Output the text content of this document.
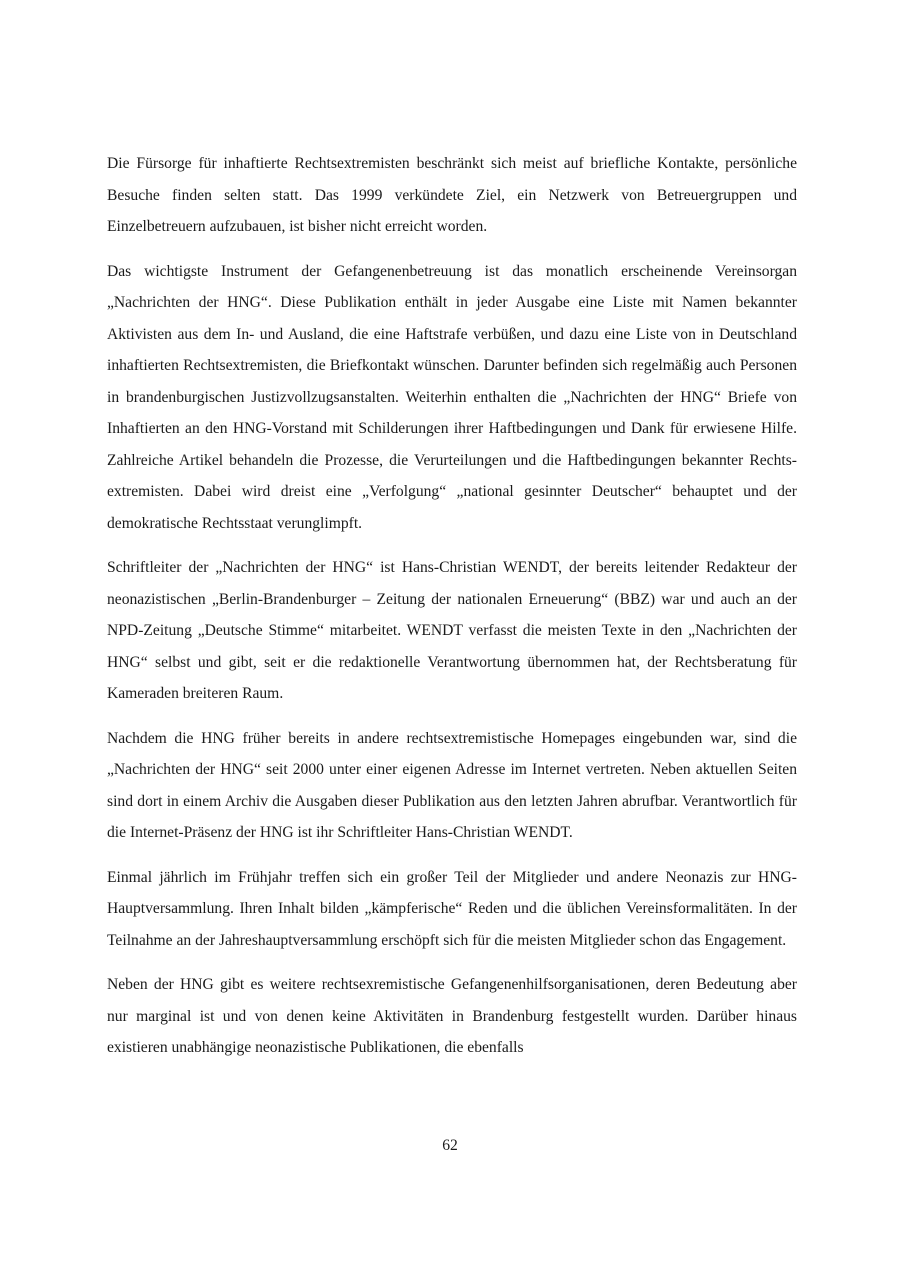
Die Fürsorge für inhaftierte Rechtsextremisten beschränkt sich meist auf briefliche Kontakte, persönliche Besuche finden selten statt. Das 1999 verkündete Ziel, ein Netzwerk von Betreuergruppen und Einzelbetreuern aufzubauen, ist bisher nicht erreicht worden.

Das wichtigste Instrument der Gefangenenbetreuung ist das monatlich erscheinende Vereinsorgan „Nachrichten der HNG“. Diese Publikation enthält in jeder Ausgabe eine Liste mit Namen bekannter Aktivisten aus dem In- und Ausland, die eine Haftstrafe verbüßen, und dazu eine Liste von in Deutschland inhaftierten Rechtsextremisten, die Briefkontakt wünschen. Darunter befinden sich regelmäßig auch Personen in brandenburgischen Justizvollzugsanstalten. Weiterhin enthalten die „Nachrichten der HNG“ Briefe von Inhaftierten an den HNG-Vorstand mit Schilderungen ihrer Haftbedingungen und Dank für erwiesene Hilfe. Zahlreiche Artikel behandeln die Prozesse, die Verurteilungen und die Haftbedingungen bekannter Rechtsextremisten. Dabei wird dreist eine „Verfolgung“ „national gesinnter Deutscher“ behauptet und der demokratische Rechtsstaat verunglimpft.

Schriftleiter der „Nachrichten der HNG“ ist Hans-Christian WENDT, der bereits leitender Redakteur der neonazistischen „Berlin-Brandenburger – Zeitung der nationalen Erneuerung“ (BBZ) war und auch an der NPD-Zeitung „Deutsche Stimme“ mitarbeitet. WENDT verfasst die meisten Texte in den „Nachrichten der HNG“ selbst und gibt, seit er die redaktionelle Verantwortung übernommen hat, der Rechtsberatung für Kameraden breiteren Raum.

Nachdem die HNG früher bereits in andere rechtsextremistische Homepages eingebunden war, sind die „Nachrichten der HNG“ seit 2000 unter einer eigenen Adresse im Internet vertreten. Neben aktuellen Seiten sind dort in einem Archiv die Ausgaben dieser Publikation aus den letzten Jahren abrufbar. Verantwortlich für die Internet-Präsenz der HNG ist ihr Schriftleiter Hans-Christian WENDT.

Einmal jährlich im Frühjahr treffen sich ein großer Teil der Mitglieder und andere Neonazis zur HNG-Hauptversammlung. Ihren Inhalt bilden „kämpferische“ Reden und die üblichen Vereinsformalitäten. In der Teilnahme an der Jahreshauptversammlung erschöpft sich für die meisten Mitglieder schon das Engagement.

Neben der HNG gibt es weitere rechtsexremistische Gefangenenhilfsorganisationen, deren Bedeutung aber nur marginal ist und von denen keine Aktivitäten in Brandenburg festgestellt wurden. Darüber hinaus existieren unabhängige neonazistische Publikationen, die ebenfalls

62
